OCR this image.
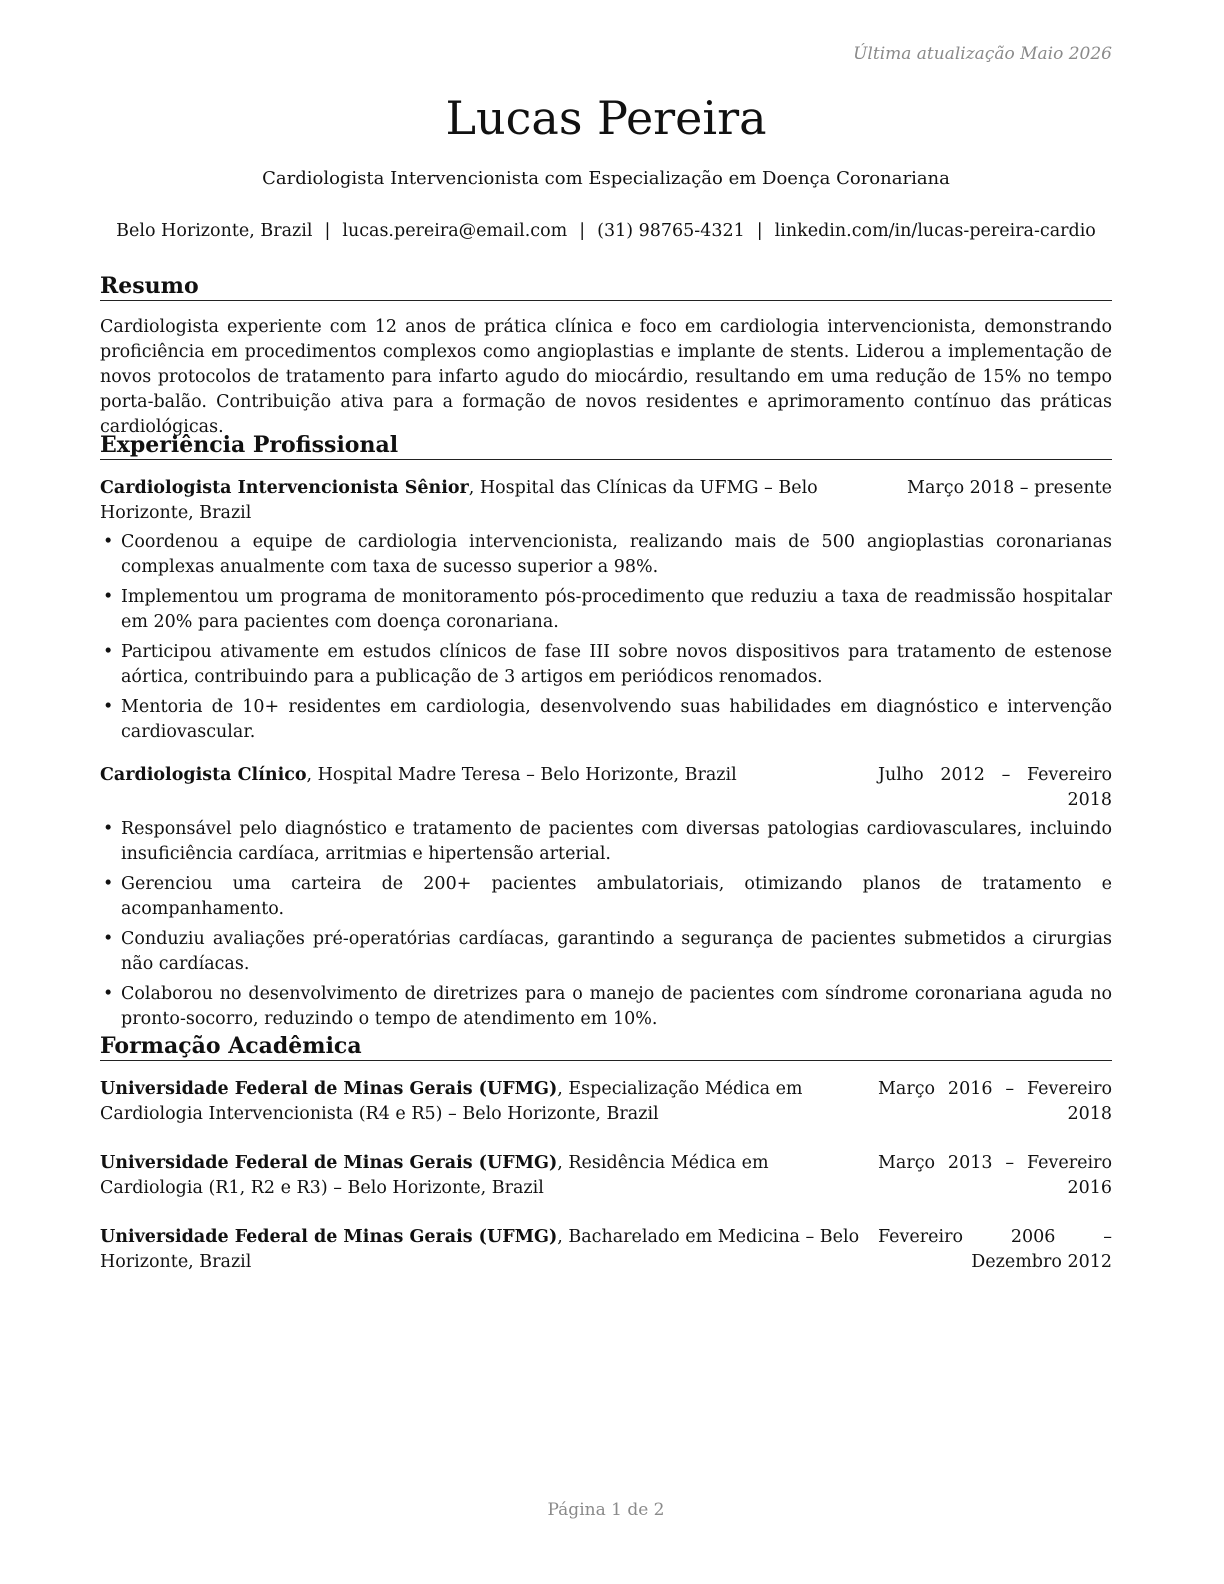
Última atualização Maio 2026
Lucas Pereira
Cardiologista Intervencionista com Especialização em Doença Coronariana
Belo Horizonte, Brazil | lucas.pereira@email.com | (31) 98765-4321 | linkedin.com/in/lucas-pereira-cardio
Resumo
Cardiologista experiente com 12 anos de prática clínica e foco em cardiologia intervencionista, demonstrando proficiência em procedimentos complexos como angioplastias e implante de stents. Liderou a implementação de novos protocolos de tratamento para infarto agudo do miocárdio, resultando em uma redução de 15% no tempo porta-balão. Contribuição ativa para a formação de novos residentes e aprimoramento contínuo das práticas cardiológicas.
Experiência Profissional
Cardiologista Intervencionista Sênior, Hospital das Clínicas da UFMG – Belo Horizonte, Brazil
Março 2018 – presente
• Coordenou a equipe de cardiologia intervencionista, realizando mais de 500 angioplastias coronarianas complexas anualmente com taxa de sucesso superior a 98%.
• Implementou um programa de monitoramento pós-procedimento que reduziu a taxa de readmissão hospitalar em 20% para pacientes com doença coronariana.
• Participou ativamente em estudos clínicos de fase III sobre novos dispositivos para tratamento de estenose aórtica, contribuindo para a publicação de 3 artigos em periódicos renomados.
• Mentoria de 10+ residentes em cardiologia, desenvolvendo suas habilidades em diagnóstico e intervenção cardiovascular.
Cardiologista Clínico, Hospital Madre Teresa – Belo Horizonte, Brazil	Julho 2012 – Fevereiro 2018
• Responsável pelo diagnóstico e tratamento de pacientes com diversas patologias cardiovasculares, incluindo insuficiência cardíaca, arritmias e hipertensão arterial.
• Gerenciou uma carteira de 200+ pacientes ambulatoriais, otimizando planos de tratamento e acompanhamento.
• Conduziu avaliações pré-operatórias cardíacas, garantindo a segurança de pacientes submetidos a cirurgias não cardíacas.
• Colaborou no desenvolvimento de diretrizes para o manejo de pacientes com síndrome coronariana aguda no pronto-socorro, reduzindo o tempo de atendimento em 10%.
Formação Acadêmica
Universidade Federal de Minas Gerais (UFMG), Especialização Médica em Cardiologia Intervencionista (R4 e R5) – Belo Horizonte, Brazil
Março 2016 – Fevereiro 2018
Universidade Federal de Minas Gerais (UFMG), Residência Médica em Cardiologia (R1, R2 e R3) – Belo Horizonte, Brazil
Março 2013 – Fevereiro 2016
Universidade Federal de Minas Gerais (UFMG), Bacharelado em Medicina – Belo Horizonte, Brazil
Fevereiro 2006 – Dezembro 2012
Página 1 de 2
